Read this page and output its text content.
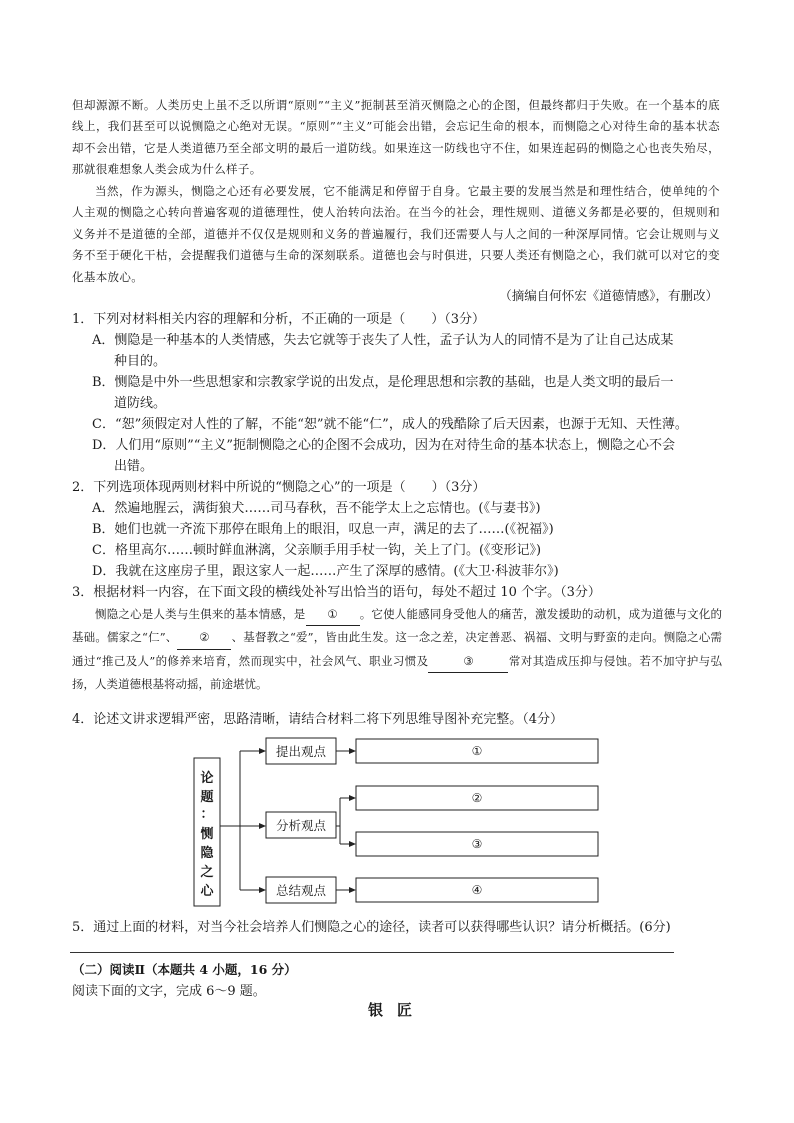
但却源源不断。人类历史上虽不乏以所谓“原则”“主义”扼制甚至消灭恻隐之心的企图，但最终都归于失败。在一个基本的底线上，我们甚至可以说恻隐之心绝对无误。“原则”“主义”可能会出错，会忘记生命的根本，而恻隐之心对待生命的基本状态却不会出错，它是人类道德乃至全部文明的最后一道防线。如果连这一防线也守不住，如果连起码的恻隐之心也丧失殆尽，那就很难想象人类会成为什么样子。
当然，作为源头，恻隐之心还有必要发展，它不能满足和停留于自身。它最主要的发展当然是和理性结合，使单纯的个人主观的恻隐之心转向普遍客观的道德理性，使人治转向法治。在当今的社会，理性规则、道德义务都是必要的，但规则和义务并不是道德的全部，道德并不仅仅是规则和义务的普遍履行，我们还需要人与人之间的一种深厚同情。它会让规则与义务不至于硬化干枯，会提醒我们道德与生命的深刻联系。道德也会与时俱进，只要人类还有恻隐之心，我们就可以对它的变化基本放心。
（摘编自何怀宏《道德情感》，有删改）
1．下列对材料相关内容的理解和分析，不正确的一项是（　　）（3分）
A．恻隐是一种基本的人类情感，失去它就等于丧失了人性，孟子认为人的同情不是为了让自己达成某
种目的。
B．恻隐是中外一些思想家和宗教家学说的出发点，是伦理思想和宗教的基础，也是人类文明的最后一
道防线。
C．“恕”须假定对人性的了解，不能“恕”就不能“仁”，成人的残酷除了后天因素，也源于无知、天性薄。
D．人们用“原则”“主义”扼制恻隐之心的企图不会成功，因为在对待生命的基本状态上，恻隐之心不会
出错。
2．下列选项体现两则材料中所说的“恻隐之心”的一项是（　　）（3分）
A．然遍地腥云，满街狼犬……司马春秋，吾不能学太上之忘情也。(《与妻书》)
B．她们也就一齐流下那停在眼角上的眼泪，叹息一声，满足的去了……(《祝福》)
C．格里高尔……顿时鲜血淋漓，父亲顺手用手杖一钩，关上了门。(《变形记》)
D．我就在这座房子里，跟这家人一起……产生了深厚的感情。(《大卫·科波菲尔》)
3．根据材料一内容，在下面文段的横线处补写出恰当的语句，每处不超过 10 个字。（3分）
恻隐之心是人类与生俱来的基本情感，是 ① 。它使人能感同身受他人的痛苦，激发援助的动机，成为道德与文化的基础。儒家之“仁”、 ② 、基督教之“爱”，皆由此生发。这一念之差，决定善恶、祸福、文明与野蛮的走向。恻隐之心需通过“推己及人”的修养来培育，然而现实中，社会风气、职业习惯及	③	常对其造成压抑与侵蚀。若不加守护与弘扬，人类道德根基将动摇，前途堪忧。
4．论述文讲求逻辑严密，思路清晰，请结合材料二将下列思维导图补充完整。（4分）
论
题
：
恻
隐
之
心
提出观点
分析观点
总结观点
①
②
③
④
5．通过上面的材料，对当今社会培养人们恻隐之心的途径，读者可以获得哪些认识？请分析概括。(6分)
（二）阅读Ⅱ（本题共 4 小题，16 分）
阅读下面的文字，完成 6～9 题。
银匠
